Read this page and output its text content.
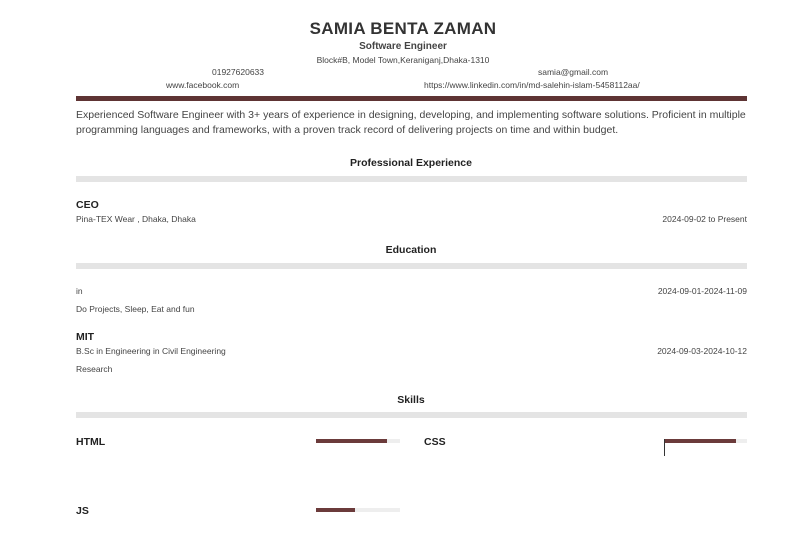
SAMIA BENTA ZAMAN
Software Engineer
Block#B, Model Town,Keraniganj,Dhaka-1310
01927620633	samia@gmail.com
www.facebook.com	https://www.linkedin.com/in/md-salehin-islam-5458112aa/
Experienced Software Engineer with 3+ years of experience in designing, developing, and implementing software solutions. Proficient in multiple programming languages and frameworks, with a proven track record of delivering projects on time and within budget.
Professional Experience
CEO
Pina-TEX Wear , Dhaka, Dhaka	2024-09-02 to Present
Education
in	2024-09-01-2024-11-09
Do Projects, Sleep, Eat and fun
MIT
B.Sc in Engineering in Civil Engineering	2024-09-03-2024-10-12
Research
Skills
HTML	CSS
JS
